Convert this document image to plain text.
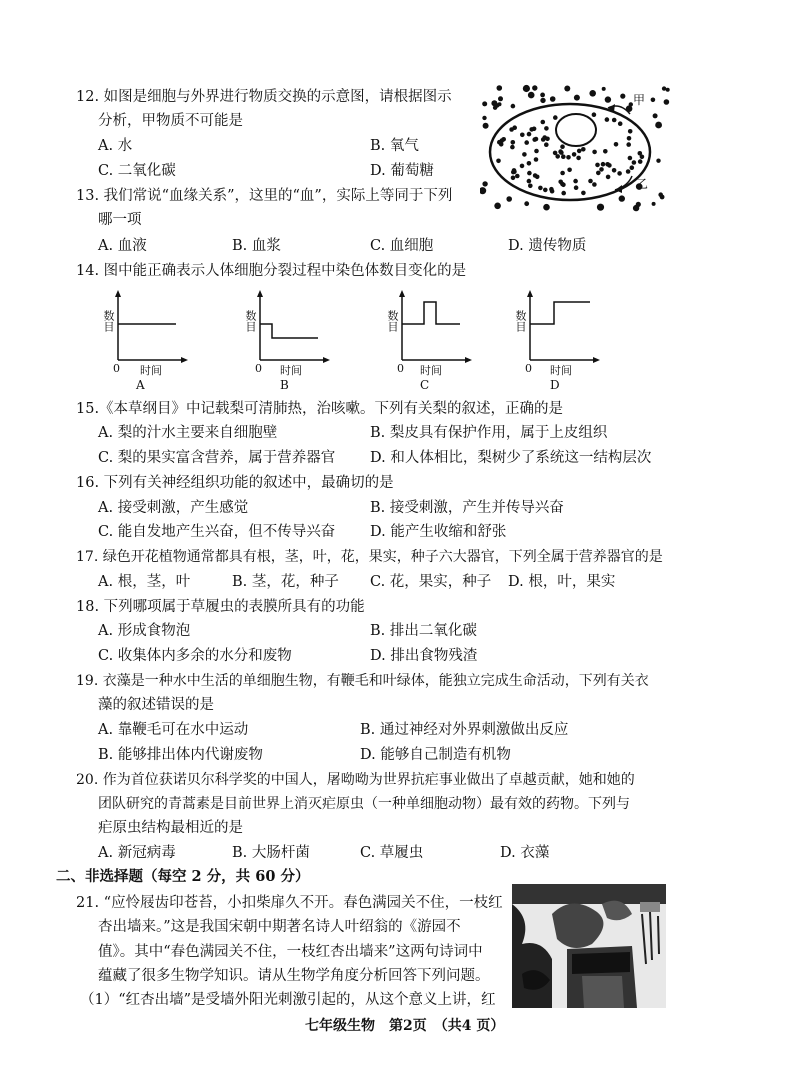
12. 如图是细胞与外界进行物质交换的示意图，请根据图示
分析，甲物质不可能是
A. 水	B. 氧气
C. 二氧化碳	D. 葡萄糖
甲
乙
13. 我们常说“血缘关系”，这里的“血”，实际上等同于下列
哪一项
A. 血液	B. 血浆	C. 血细胞	D. 遗传物质
14. 图中能正确表示人体细胞分裂过程中染色体数目变化的是
数目
0 时间
A
数目
0 时间
B
数目
0 时间
C
数目
0 时间
D
15.《本草纲目》中记载梨可清肺热，治咳嗽。下列有关梨的叙述，正确的是
A. 梨的汁水主要来自细胞壁	B. 梨皮具有保护作用，属于上皮组织
C. 梨的果实富含营养，属于营养器官 D. 和人体相比，梨树少了系统这一结构层次
16. 下列有关神经组织功能的叙述中，最确切的是
A. 接受刺激，产生感觉	B. 接受刺激，产生并传导兴奋
C. 能自发地产生兴奋，但不传导兴奋 D. 能产生收缩和舒张
17. 绿色开花植物通常都具有根，茎，叶，花，果实，种子六大器官，下列全属于营养器官的是
A. 根，茎，叶	B. 茎，花，种子 C. 花，果实，种子 D. 根，叶，果实
18. 下列哪项属于草履虫的表膜所具有的功能
A. 形成食物泡	B. 排出二氧化碳
C. 收集体内多余的水分和废物	D. 排出食物残渣
19. 衣藻是一种水中生活的单细胞生物，有鞭毛和叶绿体，能独立完成生命活动，下列有关衣
藻的叙述错误的是
A. 靠鞭毛可在水中运动	B. 通过神经对外界刺激做出反应
B. 能够排出体内代谢废物	D. 能够自己制造有机物
20. 作为首位获诺贝尔科学奖的中国人，屠呦呦为世界抗疟事业做出了卓越贡献，她和她的
团队研究的青蒿素是目前世界上消灭疟原虫（一种单细胞动物）最有效的药物。下列与
疟原虫结构最相近的是
A. 新冠病毒	B. 大肠杆菌	C. 草履虫	D. 衣藻
二、非选择题（每空 2 分，共 60 分）
21. “应怜屐齿印苍苔，小扣柴扉久不开。春色满园关不住，一枝红
杏出墙来。”这是我国宋朝中期著名诗人叶绍翁的《游园不
值》。其中“春色满园关不住，一枝红杏出墙来”这两句诗词中
蕴藏了很多生物学知识。请从生物学角度分析回答下列问题。
（1）“红杏出墙”是受墙外阳光刺激引起的，从这个意义上讲，红
七年级生物　第2页　（共4 页）
